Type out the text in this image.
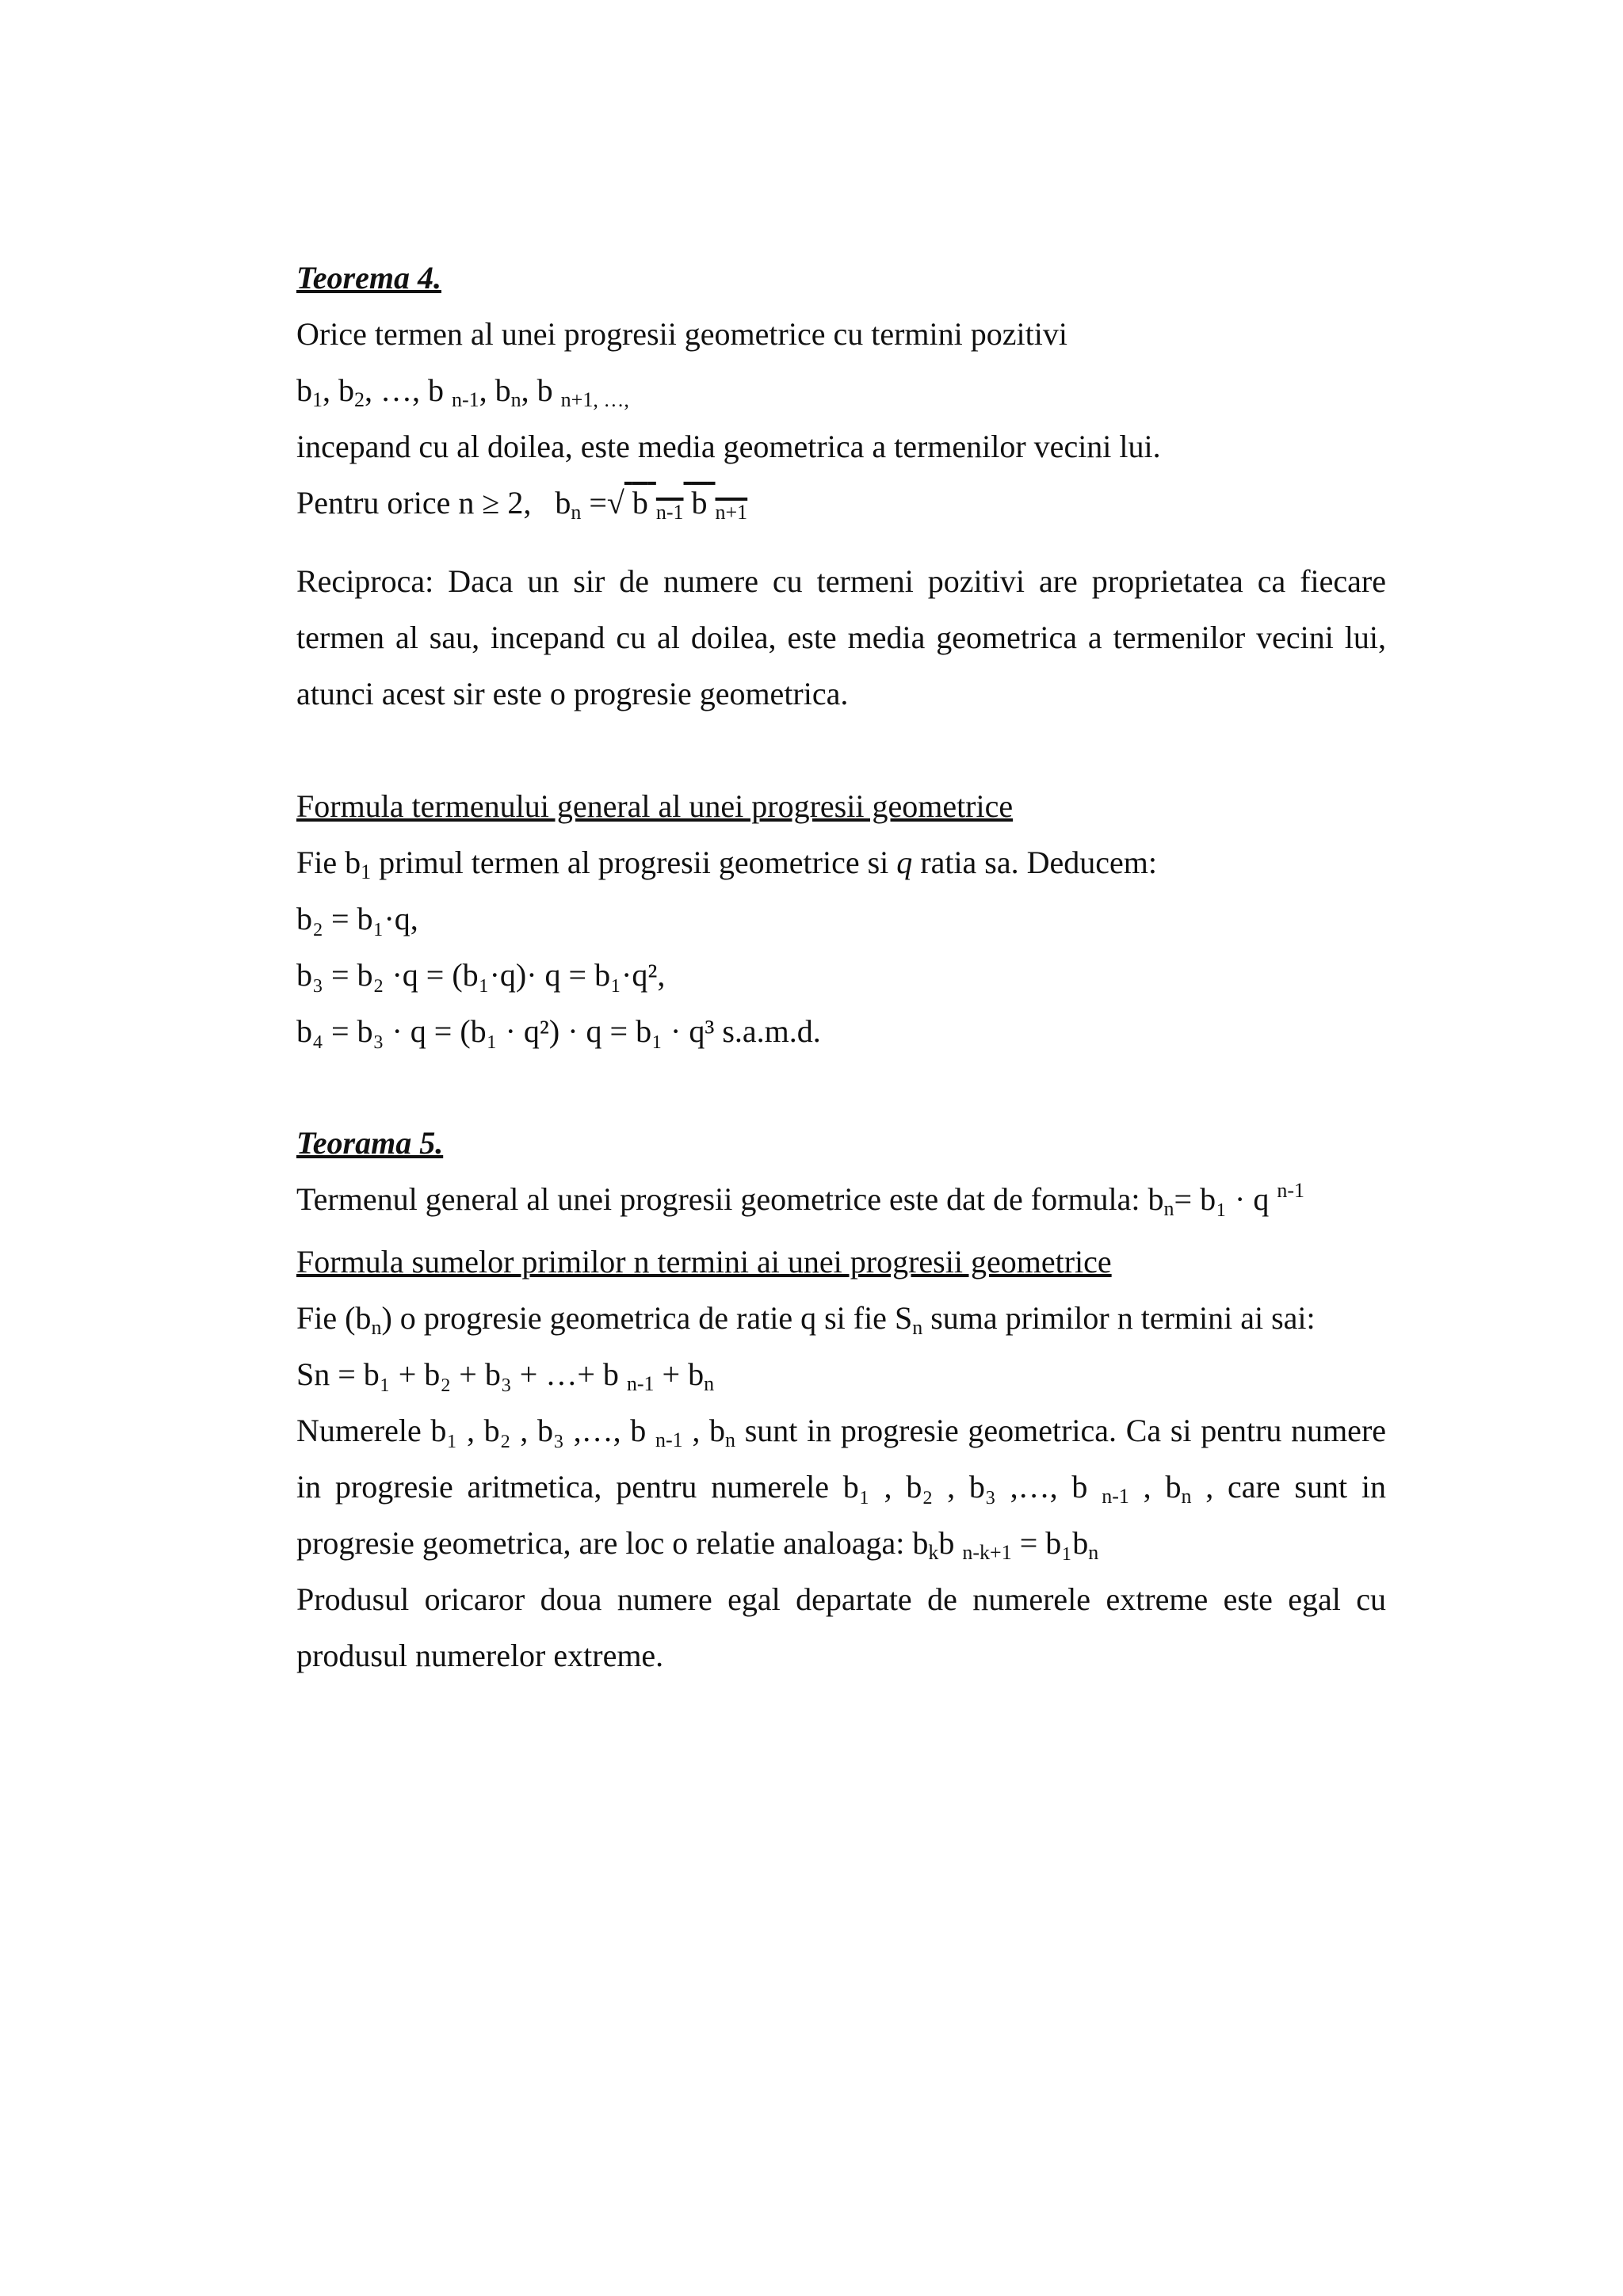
Teorema 4.
Orice termen al unei progresii geometrice cu termini pozitivi
$b_1$, $b_2$, …, b $_{n-1}$, $b_n$, b $_{n+1, \dots,}$
incepand cu al doilea, este media geometrica a termenilor vecini lui.
Pentru orice n ≥ 2,   $b_n$ =√ b $_{n-1}$ b $_{n+1}$
Reciproca: Daca un sir de numere cu termeni pozitivi are proprietatea ca fiecare termen al sau, incepand cu al doilea, este media geometrica a termenilor vecini lui, atunci acest sir este o progresie geometrica.
Formula termenului general al unei progresii geometrice
Fie $b_1$ primul termen al progresii geometrice si q ratia sa. Deducem:
b₂ = b₁·q,
b₃ = b₂ ·q = (b₁·q)· q = b₁·q²,
b₄ = b₃ · q = (b₁ · q²) · q = b₁ · q³ s.a.m.d.
Teorama 5.
Termenul general al unei progresii geometrice este dat de formula: $b_n= b_1 \cdot q$ $^{n-1}$
Formula sumelor primilor n termini ai unei progresii geometrice
Fie $(b_n)$ o progresie geometrica de ratie q si fie $S_n$ suma primilor n termini ai sai:
Sn = b₁ + b₂ + b₃ + …+ b $_{n-1} + b_n$
Numerele b₁ , b₂ , b₃ ,…, b $_{n-1}$ , $b_n$ sunt in progresie geometrica. Ca si pentru numere in progresie aritmetica, pentru numerele b₁ , b₂ , b₃ ,…, b $_{n-1}$ , $b_n$ , care sunt in progresie geometrica, are loc o relatie analoaga: $b_kb$ $_{n-k+1} = b_1b_n$
Produsul oricaror doua numere egal departate de numerele extreme este egal cu produsul numerelor extreme.
